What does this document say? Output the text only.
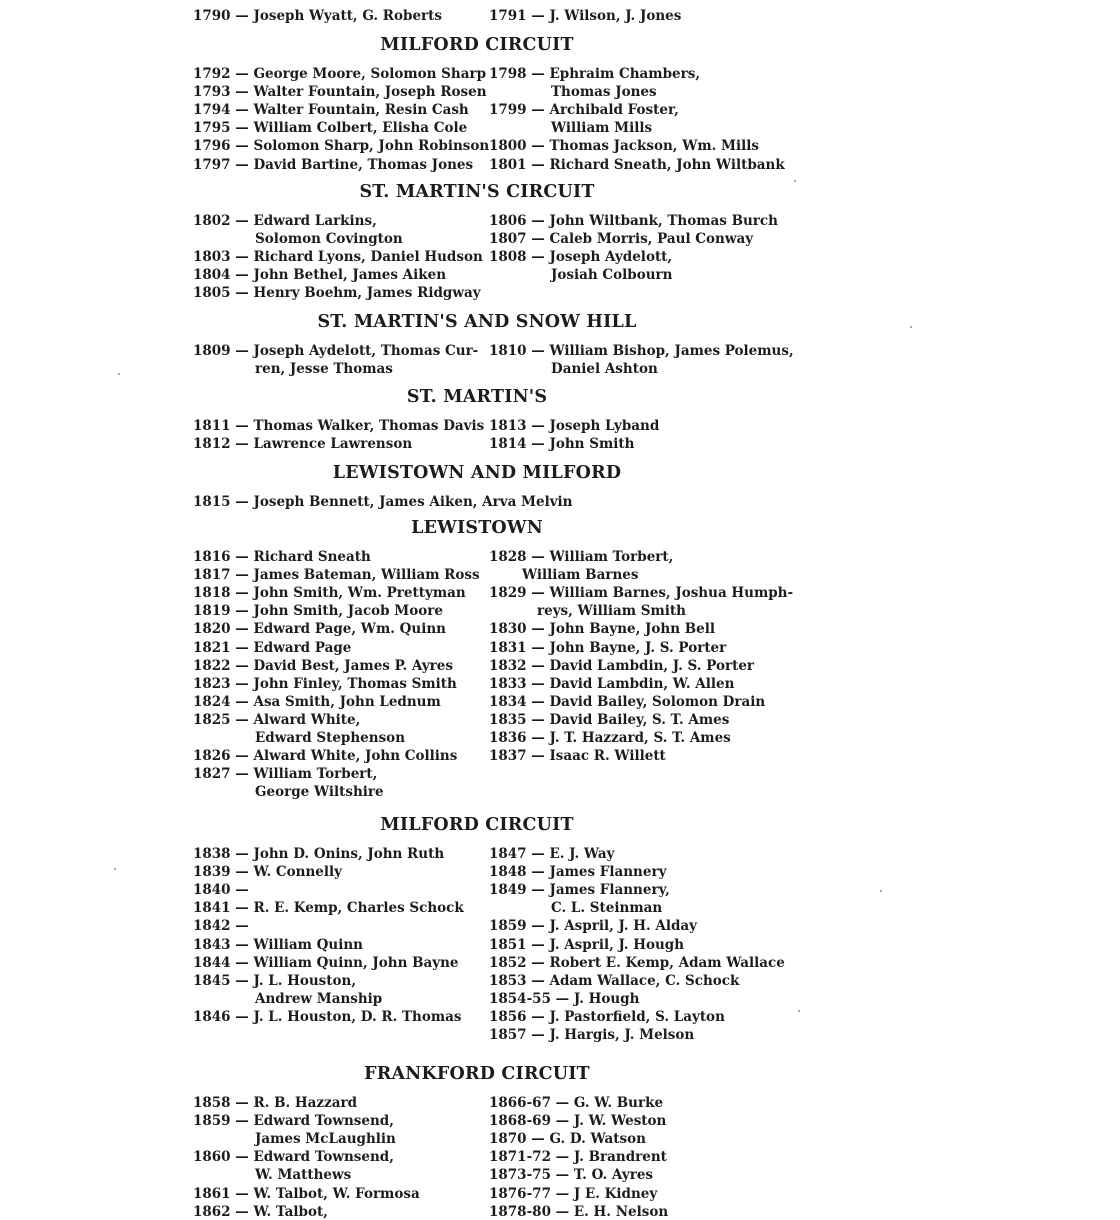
1790 — Joseph Wyatt, G. Roberts	1791 — J. Wilson, J. Jones
MILFORD CIRCUIT
1792 — George Moore, Solomon Sharp
1793 — Walter Fountain, Joseph Rosen
1794 — Walter Fountain, Resin Cash
1795 — William Colbert, Elisha Cole
1796 — Solomon Sharp, John Robinson
1797 — David Bartine, Thomas Jones
1798 — Ephraim Chambers,
Thomas Jones
1799 — Archibald Foster,
William Mills
1800 — Thomas Jackson, Wm. Mills
1801 — Richard Sneath, John Wiltbank
ST. MARTIN'S CIRCUIT
1802 — Edward Larkins,
Solomon Covington
1803 — Richard Lyons, Daniel Hudson
1804 — John Bethel, James Aiken
1805 — Henry Boehm, James Ridgway
1806 — John Wiltbank, Thomas Burch
1807 — Caleb Morris, Paul Conway
1808 — Joseph Aydelott,
Josiah Colbourn
ST. MARTIN'S AND SNOW HILL
1809 — Joseph Aydelott, Thomas Cur-
ren, Jesse Thomas
1810 — William Bishop, James Polemus,
Daniel Ashton
ST. MARTIN'S
1811 — Thomas Walker, Thomas Davis
1812 — Lawrence Lawrenson
1813 — Joseph Lyband
1814 — John Smith
LEWISTOWN AND MILFORD
1815 — Joseph Bennett, James Aiken, Arva Melvin
LEWISTOWN
1816 — Richard Sneath
1817 — James Bateman, William Ross
1818 — John Smith, Wm. Prettyman
1819 — John Smith, Jacob Moore
1820 — Edward Page, Wm. Quinn
1821 — Edward Page
1822 — David Best, James P. Ayres
1823 — John Finley, Thomas Smith
1824 — Asa Smith, John Lednum
1825 — Alward White,
Edward Stephenson
1826 — Alward White, John Collins
1827 — William Torbert,
George Wiltshire
1828 — William Torbert,
William Barnes
1829 — William Barnes, Joshua Humph-
reys, William Smith
1830 — John Bayne, John Bell
1831 — John Bayne, J. S. Porter
1832 — David Lambdin, J. S. Porter
1833 — David Lambdin, W. Allen
1834 — David Bailey, Solomon Drain
1835 — David Bailey, S. T. Ames
1836 — J. T. Hazzard, S. T. Ames
1837 — Isaac R. Willett
MILFORD CIRCUIT
1838 — John D. Onins, John Ruth
1839 — W. Connelly
1840 —
1841 — R. E. Kemp, Charles Schock
1842 —
1843 — William Quinn
1844 — William Quinn, John Bayne
1845 — J. L. Houston,
Andrew Manship
1846 — J. L. Houston, D. R. Thomas
1847 — E. J. Way
1848 — James Flannery
1849 — James Flannery,
C. L. Steinman
1859 — J. Aspril, J. H. Alday
1851 — J. Aspril, J. Hough
1852 — Robert E. Kemp, Adam Wallace
1853 — Adam Wallace, C. Schock
1854-55 — J. Hough
1856 — J. Pastorfield, S. Layton
1857 — J. Hargis, J. Melson
FRANKFORD CIRCUIT
1858 — R. B. Hazzard
1859 — Edward Townsend,
James McLaughlin
1860 — Edward Townsend,
W. Matthews
1861 — W. Talbot, W. Formosa
1862 — W. Talbot,
1866-67 — G. W. Burke
1868-69 — J. W. Weston
1870 — G. D. Watson
1871-72 — J. Brandrent
1873-75 — T. O. Ayres
1876-77 — J E. Kidney
1878-80 — E. H. Nelson
